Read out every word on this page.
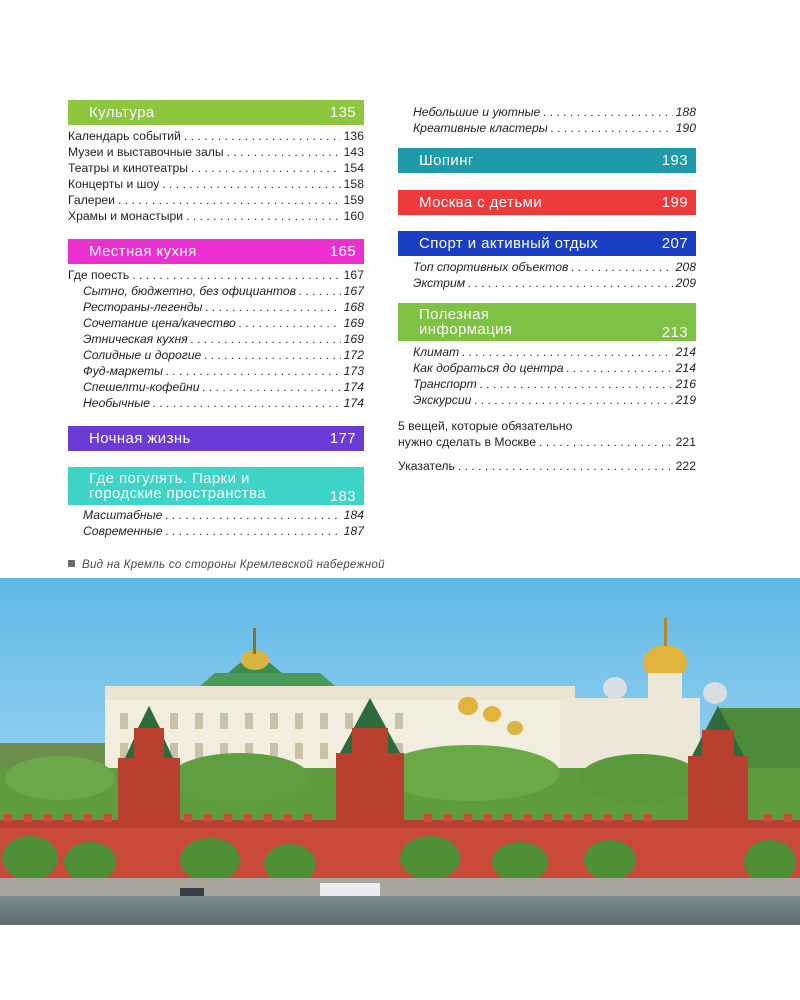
Культура	135
Календарь событий . . .	136
Музеи и выставочные залы . . .	143
Театры и кинотеатры . . .	154
Концерты и шоу . . .	158
Галереи . . .	159
Храмы и монастыри . . .	160
Местная кухня	165
Где поесть . . .	167
Сытно, бюджетно, без официантов . . .	167
Рестораны-легенды . . .	168
Сочетание цена/качество . . .	169
Этническая кухня . . .	169
Солидные и дорогие . . .	172
Фуд-маркеты . . .	173
Спешелти-кофейни . . .	174
Необычные . . .	174
Ночная жизнь	177
Где погулять. Парки и
городские пространства	183
Масштабные . . .	184
Современные . . .	187
Небольшие и уютные . . .	188
Креативные кластеры . . .	190
Шопинг	193
Москва с детьми	199
Спорт и активный отдых	207
Топ спортивных объектов . . .	208
Экстрим . . .	209
Полезная
информация	213
Климат . . .	214
Как добраться до центра . . .	214
Транспорт . . .	216
Экскурсии . . .	219
5 вещей, которые обязательно
нужно сделать в Москве . . .	221
Указатель . . .	222
Вид на Кремль со стороны Кремлевской набережной
